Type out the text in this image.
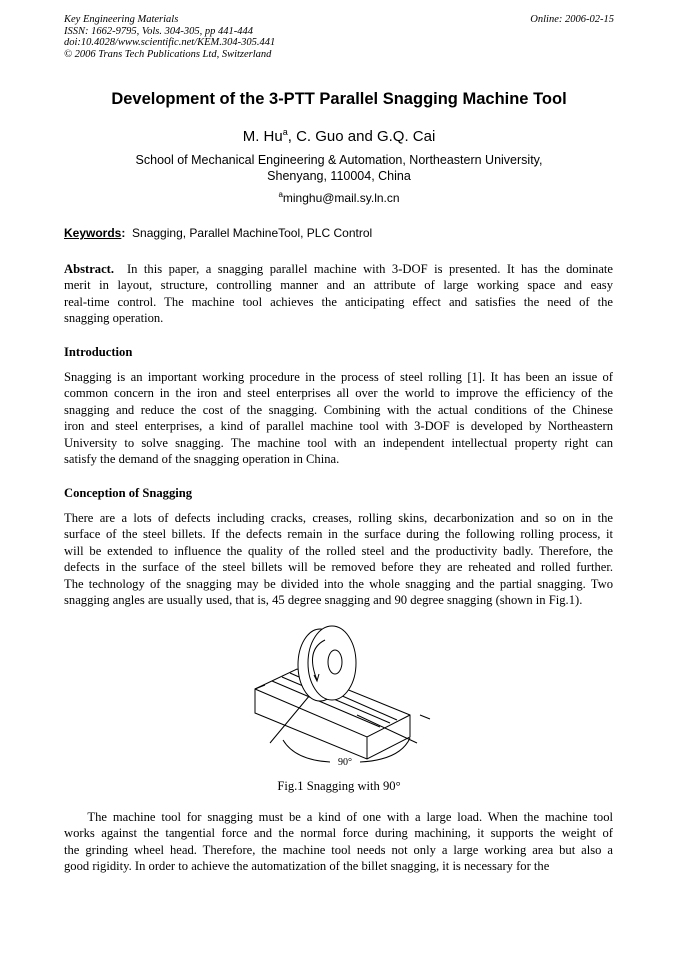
Key Engineering Materials
ISSN: 1662-9795, Vols. 304-305, pp 441-444
doi:10.4028/www.scientific.net/KEM.304-305.441
© 2006 Trans Tech Publications Ltd, Switzerland
Online: 2006-02-15
Development of the 3-PTT Parallel Snagging Machine Tool
M. Hu$^a$, C. Guo and G.Q. Cai
School of Mechanical Engineering & Automation, Northeastern University,
Shenyang, 110004, China
$^a$minghu@mail.sy.ln.cn
Keywords: Snagging, Parallel MachineTool, PLC Control
Abstract. In this paper, a snagging parallel machine with 3-DOF is presented. It has the dominate
merit in layout, structure, controlling manner and an attribute of large working space and easy
real-time control. The machine tool achieves the anticipating effect and satisfies the need of the
snagging operation.
Introduction
Snagging is an important working procedure in the process of steel rolling [1]. It has been an issue of
common concern in the iron and steel enterprises all over the world to improve the efficiency of the
snagging and reduce the cost of the snagging. Combining with the actual conditions of the Chinese
iron and steel enterprises, a kind of parallel machine tool with 3-DOF is developed by Northeastern
University to solve snagging. The machine tool with an independent intellectual property right can
satisfy the demand of the snagging operation in China.
Conception of Snagging
There are a lots of defects including cracks, creases, rolling skins, decarbonization and so on in the
surface of the steel billets. If the defects remain in the surface during the following rolling process, it
will be extended to influence the quality of the rolled steel and the productivity badly. Therefore, the
defects in the surface of the steel billets will be removed before they are reheated and rolled further.
The technology of the snagging may be divided into the whole snagging and the partial snagging. Two
snagging angles are usually used, that is, 45 degree snagging and 90 degree snagging (shown in Fig.1).
90°
Fig.1 Snagging with 90°
The machine tool for snagging must be a kind of one with a large load. When the machine tool
works against the tangential force and the normal force during machining, it supports the weight of
the grinding wheel head. Therefore, the machine tool needs not only a large working area but also a
good rigidity. In order to achieve the automatization of the billet snagging, it is necessary for the
